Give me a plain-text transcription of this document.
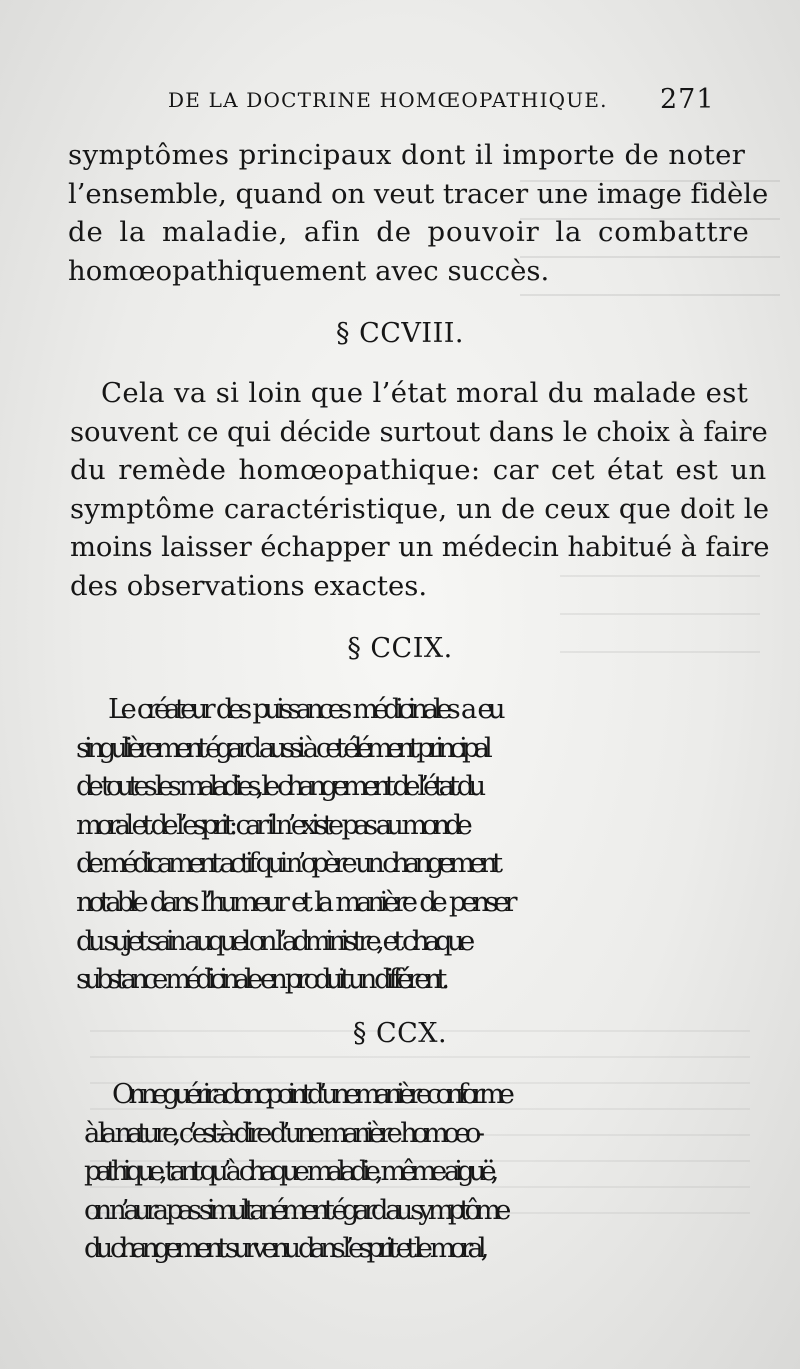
DE LA DOCTRINE HOMŒOPATHIQUE. 271
symptômes principaux dont il importe de noter
l’ensemble, quand on veut tracer une image fidèle
de la maladie, afin de pouvoir la combattre
homœopathiquement avec succès.
§ CCVIII.
Cela va si loin que l’état moral du malade est
souvent ce qui décide surtout dans le choix à faire
du remède homœopathique: car cet état est un
symptôme caractéristique, un de ceux que doit le
moins laisser échapper un médecin habitué à faire
des observations exactes.
§ CCIX.
Le créateur des puissances médicinales a eu
singulièrement égard aussi à cet élément principal
de toutes les maladies, le changement de l’état du
moral et de l’esprit: car il n’existe pas au monde
de médicament actif qui n’opère un changement
notable dans l’humeur et la manière de penser
du sujet sain auquel on l’administre, et chaque
substance médicinale en produit un différent.
§ CCX.
On ne guérira donc point d’une manière conforme
à la nature, c’est-à-dire d’une manière homœo-
pathique, tant qu’à chaque maladie, même aiguë,
on n’aura pas simultanément égard au symptôme
du changement survenu dans l’esprit et le moral,
